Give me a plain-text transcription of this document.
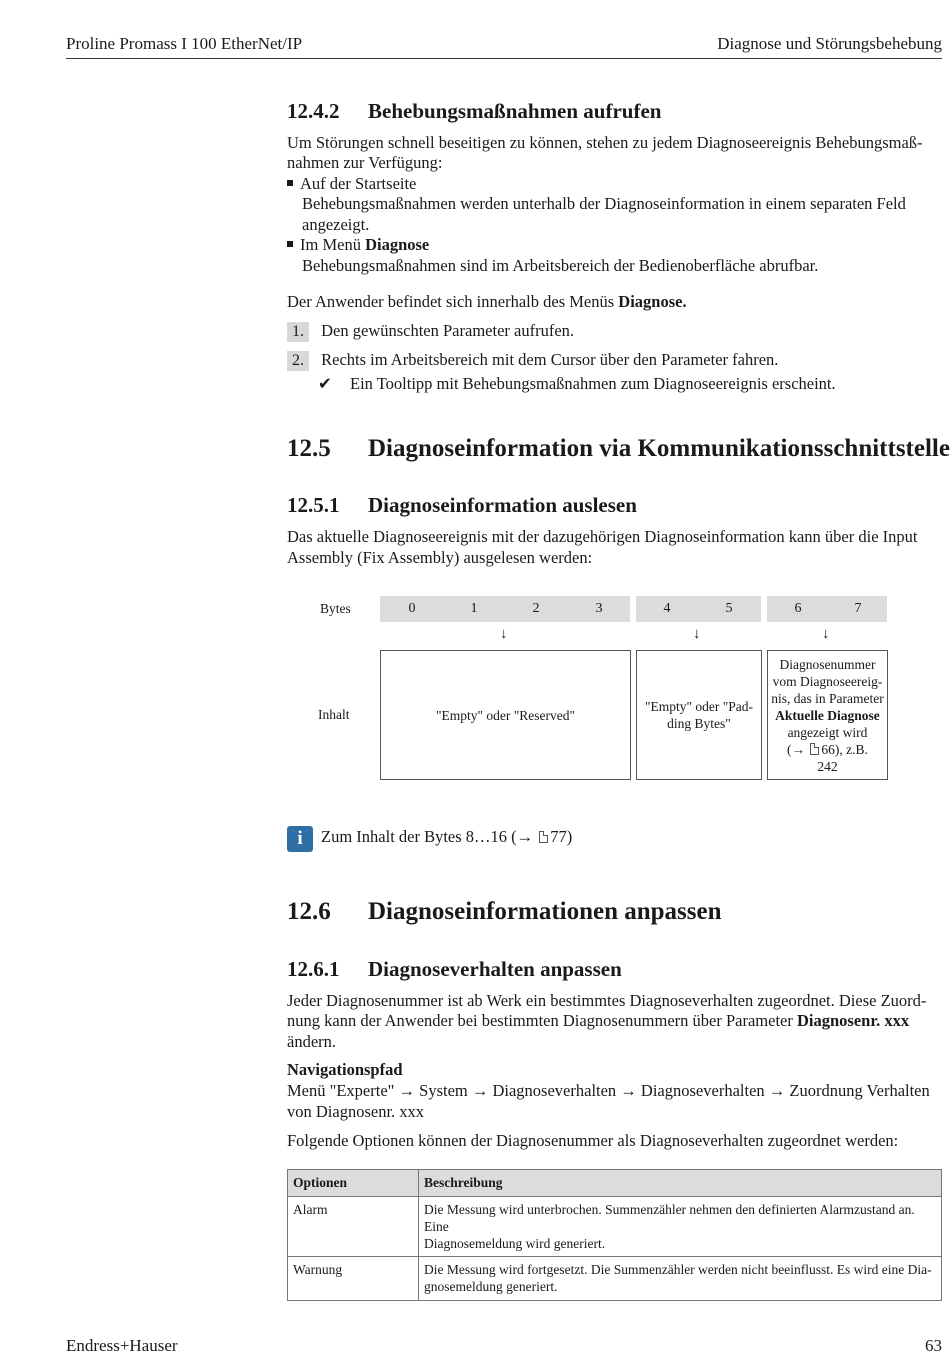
Proline Promass I 100 EtherNet/IP	Diagnose und Störungsbehebung
12.4.2 Behebungsmaßnahmen aufrufen
Um Störungen schnell beseitigen zu können, stehen zu jedem Diagnoseereignis Behebungsmaß-
nahmen zur Verfügung:
Auf der Startseite
Behebungsmaßnahmen werden unterhalb der Diagnoseinformation in einem separaten Feld
angezeigt.
Im Menü Diagnose
Behebungsmaßnahmen sind im Arbeitsbereich der Bedienoberfläche abrufbar.
Der Anwender befindet sich innerhalb des Menüs Diagnose.
1. Den gewünschten Parameter aufrufen.
2. Rechts im Arbeitsbereich mit dem Cursor über den Parameter fahren.
✔ Ein Tooltipp mit Behebungsmaßnahmen zum Diagnoseereignis erscheint.
12.5 Diagnoseinformation via Kommunikationsschnittstelle
12.5.1 Diagnoseinformation auslesen
Das aktuelle Diagnoseereignis mit der dazugehörigen Diagnoseinformation kann über die Input
Assembly (Fix Assembly) ausgelesen werden:
Bytes	0	1	2	3	4	5	6	7
↓	↓	↓
Inhalt	"Empty" oder "Reserved"
"Empty" oder "Pad-
ding Bytes"
Diagnosenummer
vom Diagnoseereig-
nis, das in Parameter
Aktuelle Diagnose
angezeigt wird
(→ 66), z.B.
242
i	Zum Inhalt der Bytes 8…16 (→ 77)
12.6 Diagnoseinformationen anpassen
12.6.1 Diagnoseverhalten anpassen
Jeder Diagnosenummer ist ab Werk ein bestimmtes Diagnoseverhalten zugeordnet. Diese Zuord-
nung kann der Anwender bei bestimmten Diagnosenummern über Parameter Diagnosenr. xxx
ändern.
Navigationspfad
Menü "Experte" → System → Diagnoseverhalten → Diagnoseverhalten → Zuordnung Verhalten
von Diagnosenr. xxx
Folgende Optionen können der Diagnosenummer als Diagnoseverhalten zugeordnet werden:
Optionen	Beschreibung
Alarm	Die Messung wird unterbrochen. Summenzähler nehmen den definierten Alarmzustand an. Eine
Diagnosemeldung wird generiert.

Warnung	Die Messung wird fortgesetzt. Die Summenzähler werden nicht beeinflusst. Es wird eine Dia-
gnosemeldung generiert.
Endress+Hauser	63
